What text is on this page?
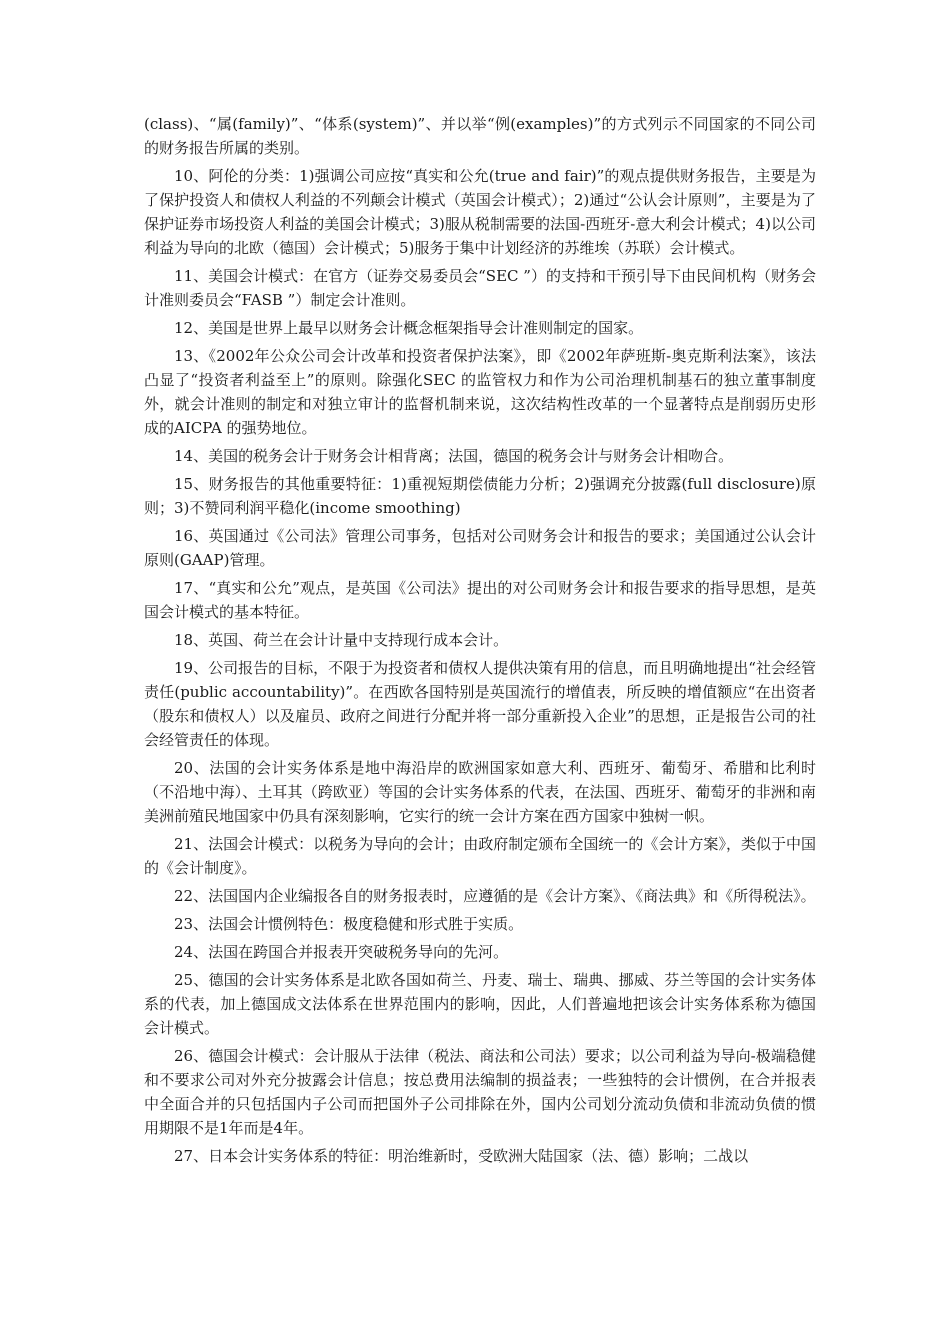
(class)、“属(family)”、“体系(system)”、并以举“例(examples)”的方式列示不同国家的不同公司的财务报告所属的类别。

10、阿伦的分类：1)强调公司应按“真实和公允(true and fair)”的观点提供财务报告，主要是为了保护投资人和债权人利益的不列颠会计模式（英国会计模式）；2)通过“公认会计原则”，主要是为了保护证券市场投资人利益的美国会计模式；3)服从税制需要的法国-西班牙-意大利会计模式；4)以公司利益为导向的北欧（德国）会计模式；5)服务于集中计划经济的苏维埃（苏联）会计模式。

11、美国会计模式：在官方（证券交易委员会“SEC ”）的支持和干预引导下由民间机构（财务会计准则委员会“FASB ”）制定会计准则。

12、美国是世界上最早以财务会计概念框架指导会计准则制定的国家。

13、《2002年公众公司会计改革和投资者保护法案》，即《2002年萨班斯-奥克斯利法案》，该法凸显了“投资者利益至上”的原则。除强化SEC 的监管权力和作为公司治理机制基石的独立董事制度外，就会计准则的制定和对独立审计的监督机制来说，这次结构性改革的一个显著特点是削弱历史形成的AICPA 的强势地位。

14、美国的税务会计于财务会计相背离；法国，德国的税务会计与财务会计相吻合。

15、财务报告的其他重要特征：1)重视短期偿债能力分析；2)强调充分披露(full disclosure)原则；3)不赞同利润平稳化(income smoothing)

16、英国通过《公司法》管理公司事务，包括对公司财务会计和报告的要求；美国通过公认会计原则(GAAP)管理。

17、“真实和公允”观点，是英国《公司法》提出的对公司财务会计和报告要求的指导思想，是英国会计模式的基本特征。

18、英国、荷兰在会计计量中支持现行成本会计。

19、公司报告的目标，不限于为投资者和债权人提供决策有用的信息，而且明确地提出“社会经管责任(public accountability)”。在西欧各国特别是英国流行的增值表，所反映的增值额应“在出资者（股东和债权人）以及雇员、政府之间进行分配并将一部分重新投入企业”的思想，正是报告公司的社会经管责任的体现。

20、法国的会计实务体系是地中海沿岸的欧洲国家如意大利、西班牙、葡萄牙、希腊和比利时（不沿地中海）、土耳其（跨欧亚）等国的会计实务体系的代表，在法国、西班牙、葡萄牙的非洲和南美洲前殖民地国家中仍具有深刻影响，它实行的统一会计方案在西方国家中独树一帜。

21、法国会计模式：以税务为导向的会计；由政府制定颁布全国统一的《会计方案》，类似于中国的《会计制度》。

22、法国国内企业编报各自的财务报表时，应遵循的是《会计方案》、《商法典》和《所得税法》。

23、法国会计惯例特色：极度稳健和形式胜于实质。

24、法国在跨国合并报表开突破税务导向的先河。

25、德国的会计实务体系是北欧各国如荷兰、丹麦、瑞士、瑞典、挪威、芬兰等国的会计实务体系的代表，加上德国成文法体系在世界范围内的影响，因此，人们普遍地把该会计实务体系称为德国会计模式。

26、德国会计模式：会计服从于法律（税法、商法和公司法）要求；以公司利益为导向-极端稳健和不要求公司对外充分披露会计信息；按总费用法编制的损益表；一些独特的会计惯例，在合并报表中全面合并的只包括国内子公司而把国外子公司排除在外，国内公司划分流动负债和非流动负债的惯用期限不是1年而是4年。

27、日本会计实务体系的特征：明治维新时，受欧洲大陆国家（法、德）影响；二战以
